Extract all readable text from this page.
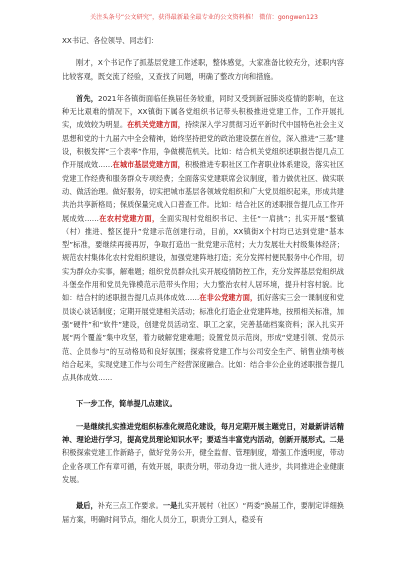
关注头条号“公文研究”，获得最新最全最专业的公文资料推！ 微信：gongwen123

XX书记、各位领导、同志们：

刚才，X个书记作了抓基层党建工作述职，整体感觉，大家准备比较充分，述职内容比较客观，既交流了经验，又查找了问题，明确了整改方向和措施。

首先，2021年各镇街面临任换届任务较重，同时又受到新冠肺炎疫情的影响，在这种无比艰难的情况下，XX镇街下属各党组织书记带头积极推进党建工作，工作开展扎实，成效较为明显。在机关党建方面，持续深入学习贯彻习近平新时代中国特色社会主义思想和党的十九届六中全会精神，始终坚持把党的政治建设摆在首位，深入推进“三基”建设，积极发挥“三个表率”作用，争做模范机关。比如：结合机关党组织述职报告提几点工作开展成效……在城市基层党建方面，积极推进专职社区工作者职业体系建设，落实社区党建工作经费和服务群众专项经费；全面落实党建联席会议制度，着力做优社区、做实联动、做活治理。做好服务，切实把城市基层各领域党组织和广大党员组织起来，形成共建共治共享新格局；保质保量完成入口普查工作。比如：结合社区的述职报告提几点工作开展成效……在农村党建方面，全面实现村党组织书记、主任“一肩挑”；扎实开展“整镇（村）推进、整区提升”党建示范创建行动，目前，XX镇街X个村均已达到党建“基本型”标准，要继续再接再厉，争取打造出一批党建示范村；大力发展壮大村级集体经济；规范农村集体化农村党组织建设，加强党建阵地打造；充分发挥村便民服务中心作用，切实为群众办实事，解难题；组织党员群众扎实开展疫情防控工作，充分发挥基层党组织战斗堡垒作用和党员先锋模范示范带头作用；大力整治农村人居环境，提升村容村貌。比如：结合村的述职报告提几点具体成效……在非公党建方面，抓好落实三会一课制度和党员谈心谈话制度；定期开展党建相关活动；标准化打造企业党建阵地，按照相关标准，加强“硬件”和“软件”建设，创建党员活动室、职工之家，完善基础档案资料；深入扎实开展“两个覆盖”集中攻坚，着力破解党建难题；设置党员示范岗，形成“党建引领、党员示范、企员参与”的互动格局和良好氛围；探索将党建工作与公司安全生产、销售业绩考核结合起来，实现党建工作与公司生产经营深度融合。比如：结合非公企业的述职报告提几点具体成效……

下一步工作，简单提几点建议。

一是继续扎实推进党组织标准化规范化建设，每月定期开展主题党日，对最新讲话精神、理论进行学习，提高党员理论知识水平；要适当丰富党内活动，创新开展形式。二是积极探索党建工作新路子，做好党务公开，健全监督、管理制度，增强工作透明度，带动企业各项工作有章可循，有效开展，职责分明，带动身边一批人进步，共同推进企业健康发展。

最后，补充三点工作要求。一是扎实开展村（社区）“两委”换届工作，要制定详细换届方案，明确时间节点，细化人员分工，职责分工到人，稳妥有
